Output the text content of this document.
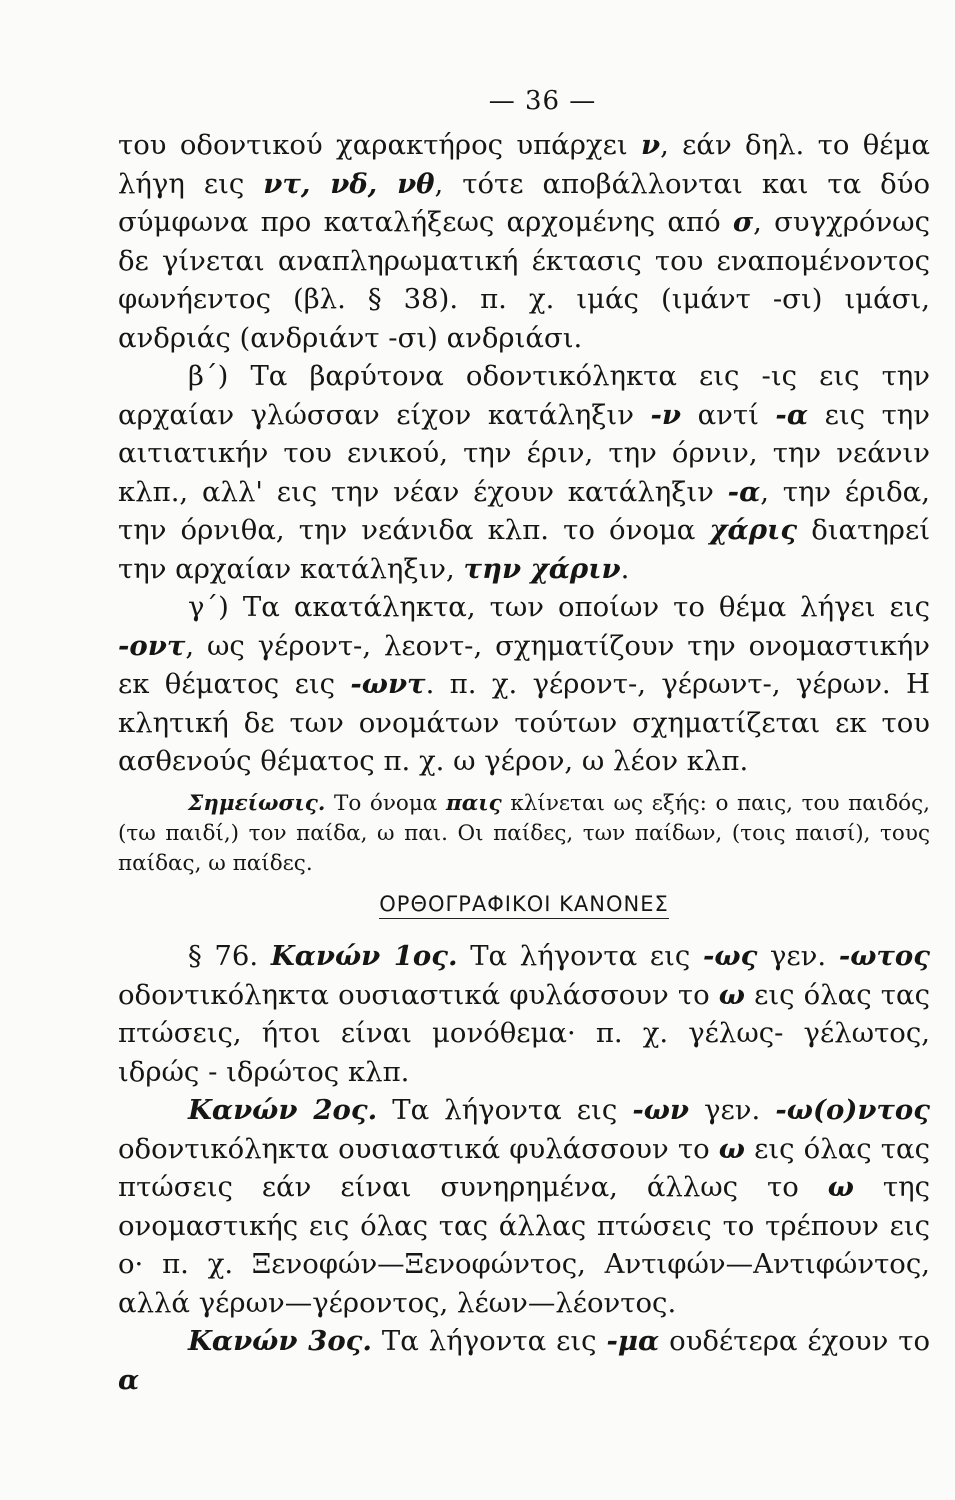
— 36 —

του οδοντικού χαρακτήρος υπάρχει ν, εάν δηλ. το θέμα λήγη εις ντ, νδ, νθ, τότε αποβάλλονται και τα δύο σύμφωνα προ καταλήξεως αρχομένης από σ, συγχρόνως δε γίνεται αναπληρωματική έκτασις του εναπομένοντος φωνήεντος (βλ. § 38). π. χ. ιμάς (ιμάντ -σι) ιμάσι, ανδριάς (ανδριάντ -σι) ανδριάσι.

β΄) Τα βαρύτονα οδοντικόληκτα εις -ις εις την αρχαίαν γλώσσαν είχον κατάληξιν -ν αντί -α εις την αιτιατικήν του ενικού, την έριν, την όρνιν, την νεάνιν κλπ., αλλ' εις την νέαν έχουν κατάληξιν -α, την έριδα, την όρνιθα, την νεάνιδα κλπ. το όνομα χάρις διατηρεί την αρχαίαν κατάληξιν, την χάριν.

γ΄) Τα ακατάληκτα, των οποίων το θέμα λήγει εις -οντ, ως γέροντ-, λεοντ-, σχηματίζουν την ονομαστικήν εκ θέματος εις -ωντ. π. χ. γέροντ-, γέρωντ-, γέρων. Η κλητική δε των ονομάτων τούτων σχηματίζεται εκ του ασθενούς θέματος π. χ. ω γέρον, ω λέον κλπ.

Σημείωσις. Το όνομα παις κλίνεται ως εξής: ο παις, του παιδός, (τω παιδί,) τον παίδα, ω παι. Οι παίδες, των παίδων, (τοις παισί), τους παίδας, ω παίδες.

ΟΡΘΟΓΡΑΦΙΚΟΙ ΚΑΝΟΝΕΣ

§ 76. Κανών 1ος. Τα λήγοντα εις -ως γεν. -ωτος οδοντικόληκτα ουσιαστικά φυλάσσουν το ω εις όλας τας πτώσεις, ήτοι είναι μονόθεμα· π. χ. γέλως- γέλωτος, ιδρώς - ιδρώτος κλπ.

Κανών 2ος. Τα λήγοντα εις -ων γεν. -ω(ο)ντος οδοντικόληκτα ουσιαστικά φυλάσσουν το ω εις όλας τας πτώσεις εάν είναι συνηρημένα, άλλως το ω της ονομαστικής εις όλας τας άλλας πτώσεις το τρέπουν εις ο· π. χ. Ξενοφών—Ξενοφώντος, Αντιφών—Αντιφώντος, αλλά γέρων—γέροντος, λέων—λέοντος.

Κανών 3ος. Τα λήγοντα εις -μα ουδέτερα έχουν το α
